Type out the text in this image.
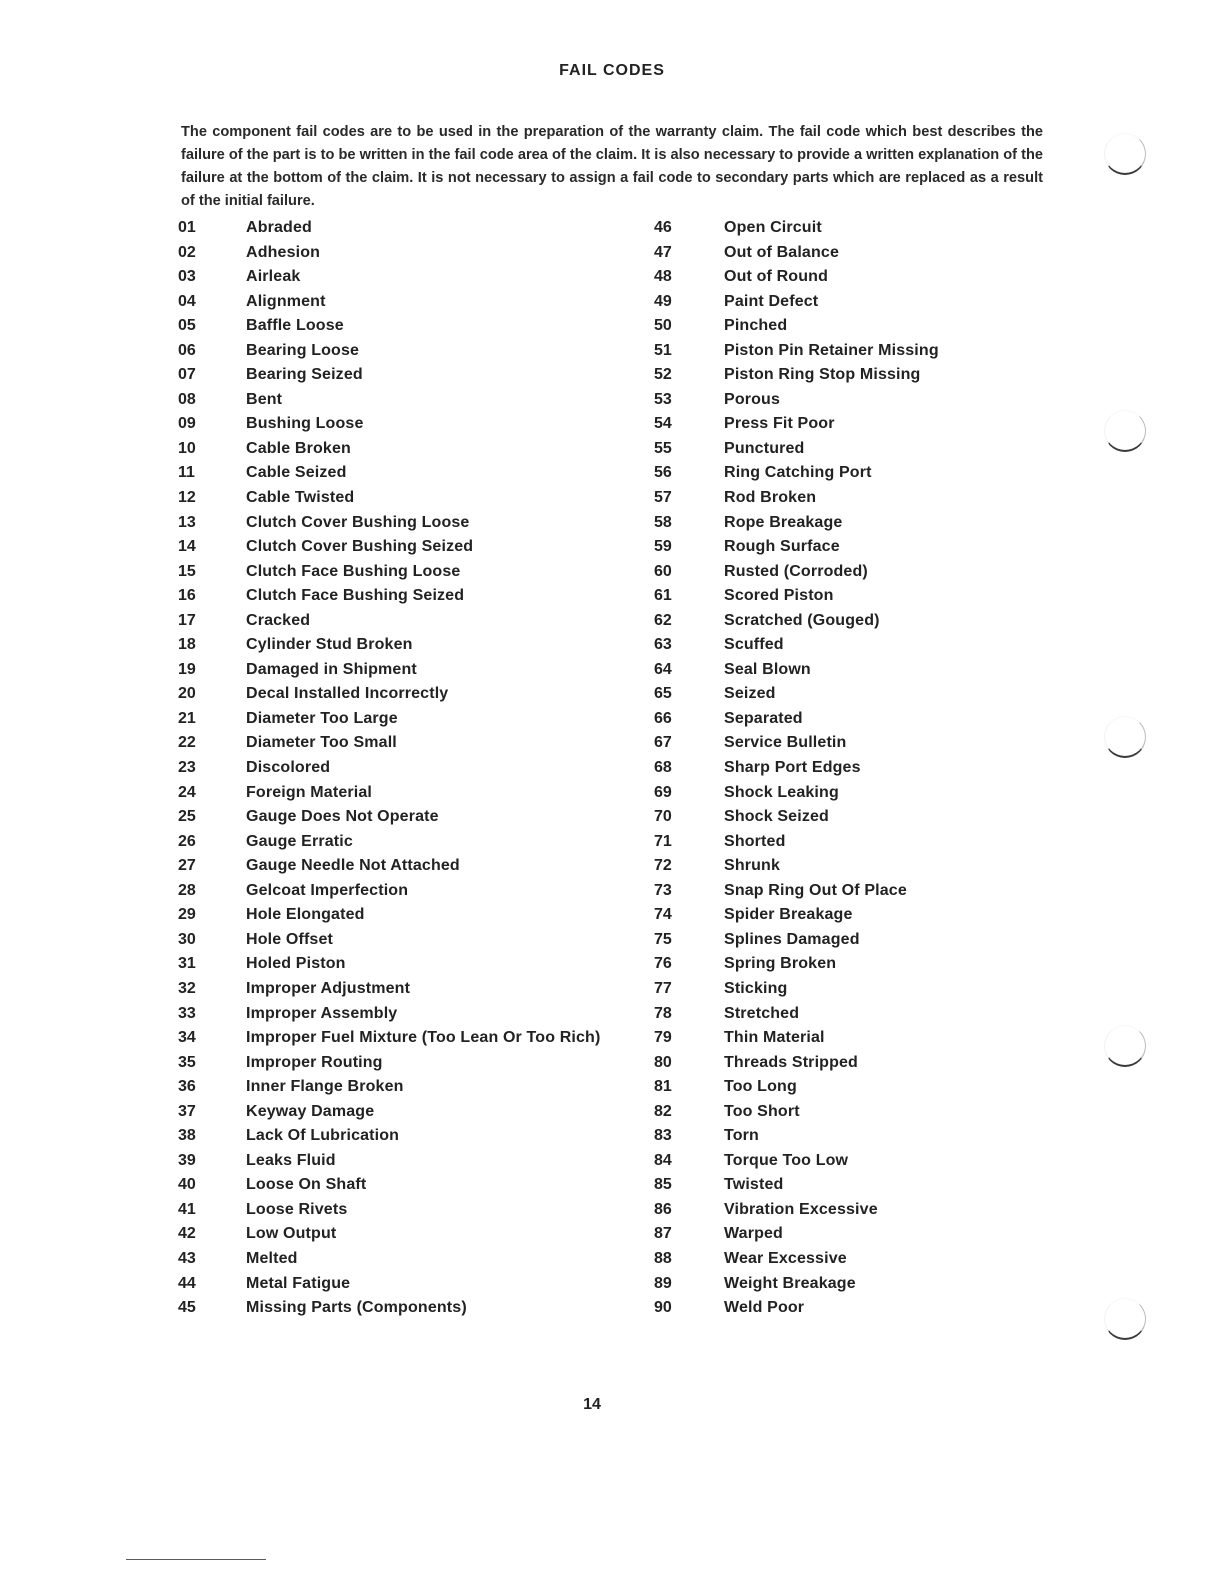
FAIL CODES

The component fail codes are to be used in the preparation of the warranty claim. The fail code which best describes the failure of the part is to be written in the fail code area of the claim. It is also necessary to provide a written explanation of the failure at the bottom of the claim. It is not necessary to assign a fail code to secondary parts which are replaced as a result of the initial failure.

01	Abraded
02	Adhesion
03	Airleak
04	Alignment
05	Baffle Loose
06	Bearing Loose
07	Bearing Seized
08	Bent
09	Bushing Loose
10	Cable Broken
11	Cable Seized
12	Cable Twisted
13	Clutch Cover Bushing Loose
14	Clutch Cover Bushing Seized
15	Clutch Face Bushing Loose
16	Clutch Face Bushing Seized
17	Cracked
18	Cylinder Stud Broken
19	Damaged in Shipment
20	Decal Installed Incorrectly
21	Diameter Too Large
22	Diameter Too Small
23	Discolored
24	Foreign Material
25	Gauge Does Not Operate
26	Gauge Erratic
27	Gauge Needle Not Attached
28	Gelcoat Imperfection
29	Hole Elongated
30	Hole Offset
31	Holed Piston
32	Improper Adjustment
33	Improper Assembly
34	Improper Fuel Mixture (Too Lean Or Too Rich)
35	Improper Routing
36	Inner Flange Broken
37	Keyway Damage
38	Lack Of Lubrication
39	Leaks Fluid
40	Loose On Shaft
41	Loose Rivets
42	Low Output
43	Melted
44	Metal Fatigue
45	Missing Parts (Components)
46	Open Circuit
47	Out of Balance
48	Out of Round
49	Paint Defect
50	Pinched
51	Piston Pin Retainer Missing
52	Piston Ring Stop Missing
53	Porous
54	Press Fit Poor
55	Punctured
56	Ring Catching Port
57	Rod Broken
58	Rope Breakage
59	Rough Surface
60	Rusted (Corroded)
61	Scored Piston
62	Scratched (Gouged)
63	Scuffed
64	Seal Blown
65	Seized
66	Separated
67	Service Bulletin
68	Sharp Port Edges
69	Shock Leaking
70	Shock Seized
71	Shorted
72	Shrunk
73	Snap Ring Out Of Place
74	Spider Breakage
75	Splines Damaged
76	Spring Broken
77	Sticking
78	Stretched
79	Thin Material
80	Threads Stripped
81	Too Long
82	Too Short
83	Torn
84	Torque Too Low
85	Twisted
86	Vibration Excessive
87	Warped
88	Wear Excessive
89	Weight Breakage
90	Weld Poor
14
